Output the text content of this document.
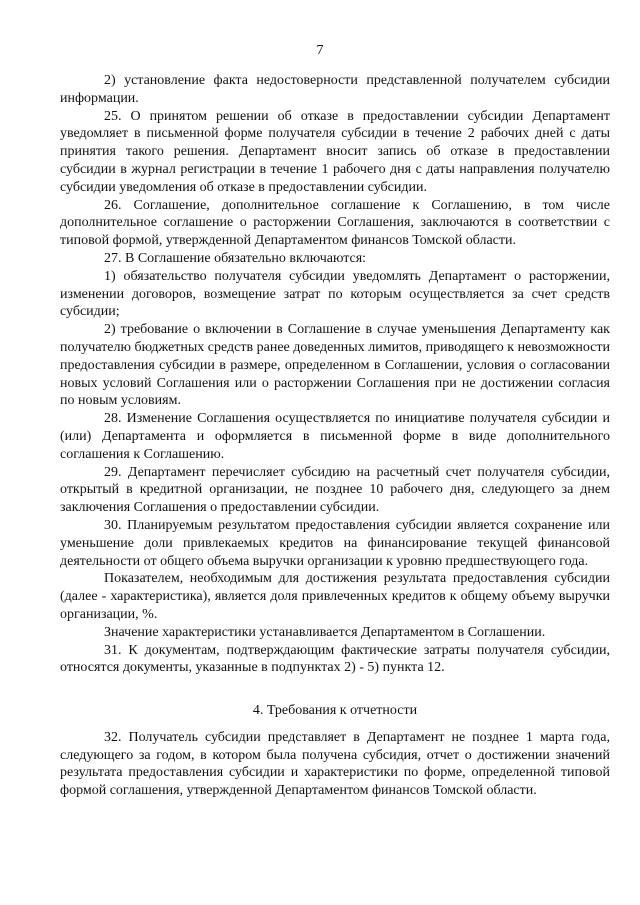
7

2) установление факта недостоверности представленной получателем субсидии информации.

25. О принятом решении об отказе в предоставлении субсидии Департамент уведомляет в письменной форме получателя субсидии в течение 2 рабочих дней с даты принятия такого решения. Департамент вносит запись об отказе в предоставлении субсидии в журнал регистрации в течение 1 рабочего дня с даты направления получателю субсидии уведомления об отказе в предоставлении субсидии.

26. Соглашение, дополнительное соглашение к Соглашению, в том числе дополнительное соглашение о расторжении Соглашения, заключаются в соответствии с типовой формой, утвержденной Департаментом финансов Томской области.

27. В Соглашение обязательно включаются:

1) обязательство получателя субсидии уведомлять Департамент о расторжении, изменении договоров, возмещение затрат по которым осуществляется за счет средств субсидии;

2) требование о включении в Соглашение в случае уменьшения Департаменту как получателю бюджетных средств ранее доведенных лимитов, приводящего к невозможности предоставления субсидии в размере, определенном в Соглашении, условия о согласовании новых условий Соглашения или о расторжении Соглашения при не достижении согласия по новым условиям.

28. Изменение Соглашения осуществляется по инициативе получателя субсидии и (или) Департамента и оформляется в письменной форме в виде дополнительного соглашения к Соглашению.

29. Департамент перечисляет субсидию на расчетный счет получателя субсидии, открытый в кредитной организации, не позднее 10 рабочего дня, следующего за днем заключения Соглашения о предоставлении субсидии.

30. Планируемым результатом предоставления субсидии является сохранение или уменьшение доли привлекаемых кредитов на финансирование текущей финансовой деятельности от общего объема выручки организации к уровню предшествующего года.

Показателем, необходимым для достижения результата предоставления субсидии (далее - характеристика), является доля привлеченных кредитов к общему объему выручки организации, %.

Значение характеристики устанавливается Департаментом в Соглашении.

31. К документам, подтверждающим фактические затраты получателя субсидии, относятся документы, указанные в подпунктах 2) - 5) пункта 12.

4. Требования к отчетности

32. Получатель субсидии представляет в Департамент не позднее 1 марта года, следующего за годом, в котором была получена субсидия, отчет о достижении значений результата предоставления субсидии и характеристики по форме, определенной типовой формой соглашения, утвержденной Департаментом финансов Томской области.
